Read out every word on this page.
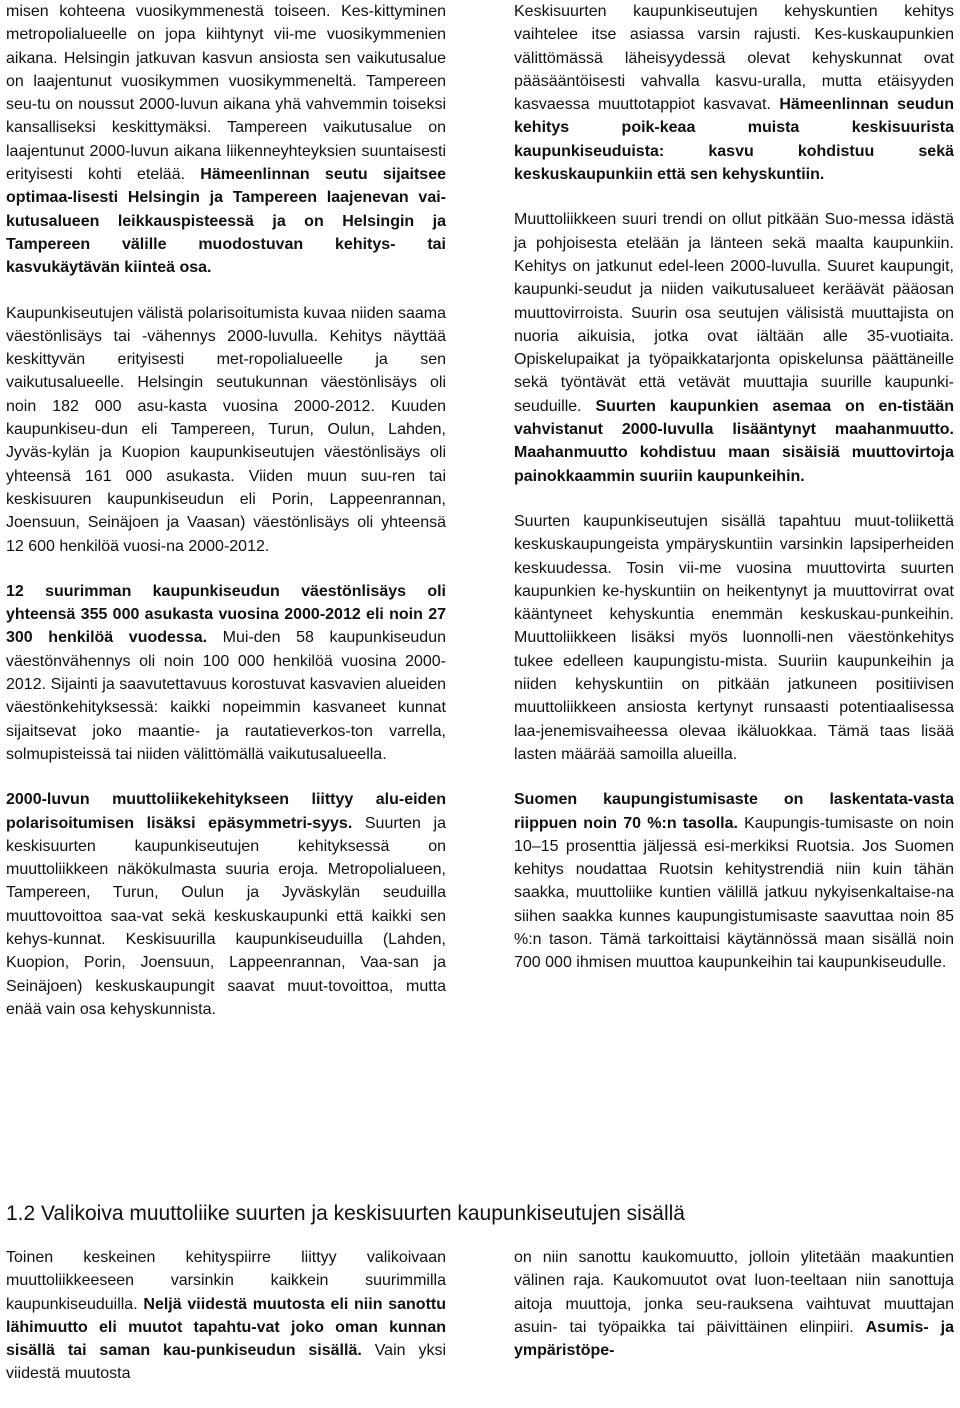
misen kohteena vuosikymmenestä toiseen. Kes-kittyminen metropolialueelle on jopa kiihtynyt vii-me vuosikymmenien aikana. Helsingin jatkuvan kasvun ansiosta sen vaikutusalue on laajentunut vuosikymmen vuosikymmeneltä. Tampereen seu-tu on noussut 2000-luvun aikana yhä vahvemmin toiseksi kansalliseksi keskittymäksi. Tampereen vaikutusalue on laajentunut 2000-luvun aikana liikenneyhteyksien suuntaisesti erityisesti kohti etelää. Hämeenlinnan seutu sijaitsee optimaa-lisesti Helsingin ja Tampereen laajenevan vai-kutusalueen leikkauspisteessä ja on Helsingin ja Tampereen välille muodostuvan kehitys- tai kasvukäytävän kiinteä osa.

Kaupunkiseutujen välistä polarisoitumista kuvaa niiden saama väestönlisäys tai -vähennys 2000-luvulla. Kehitys näyttää keskittyvän erityisesti met-ropolialueelle ja sen vaikutusalueelle. Helsingin seutukunnan väestönlisäys oli noin 182 000 asu-kasta vuosina 2000-2012. Kuuden kaupunkiseu-dun eli Tampereen, Turun, Oulun, Lahden, Jyväs-kylän ja Kuopion kaupunkiseutujen väestönlisäys oli yhteensä 161 000 asukasta. Viiden muun suu-ren tai keskisuuren kaupunkiseudun eli Porin, Lappeenrannan, Joensuun, Seinäjoen ja Vaasan) väestönlisäys oli yhteensä 12 600 henkilöä vuosi-na 2000-2012.

12 suurimman kaupunkiseudun väestönlisäys oli yhteensä 355 000 asukasta vuosina 2000-2012 eli noin 27 300 henkilöä vuodessa. Mui-den 58 kaupunkiseudun väestönvähennys oli noin 100 000 henkilöä vuosina 2000-2012. Sijainti ja saavutettavuus korostuvat kasvavien alueiden väestönkehityksessä: kaikki nopeimmin kasvaneet kunnat sijaitsevat joko maantie- ja rautatieverkos-ton varrella, solmupisteissä tai niiden välittömällä vaikutusalueella.

2000-luvun muuttoliikekehitykseen liittyy alu-eiden polarisoitumisen lisäksi epäsymmetri-syys. Suurten ja keskisuurten kaupunkiseutujen kehityksessä on muuttoliikkeen näkökulmasta suuria eroja. Metropolialueen, Tampereen, Turun, Oulun ja Jyväskylän seuduilla muuttovoittoa saa-vat sekä keskuskaupunki että kaikki sen kehys-kunnat. Keskisuurilla kaupunkiseuduilla (Lahden, Kuopion, Porin, Joensuun, Lappeenrannan, Vaa-san ja Seinäjoen) keskuskaupungit saavat muut-tovoittoa, mutta enää vain osa kehyskunnista.

Keskisuurten kaupunkiseutujen kehyskuntien kehitys vaihtelee itse asiassa varsin rajusti. Kes-kuskaupunkien välittömässä läheisyydessä olevat kehyskunnat ovat pääsääntöisesti vahvalla kasvu-uralla, mutta etäisyyden kasvaessa muuttotappiot kasvavat. Hämeenlinnan seudun kehitys poik-keaa muista keskisuurista kaupunkiseuduista: kasvu kohdistuu sekä keskuskaupunkiin että sen kehyskuntiin.

Muuttoliikkeen suuri trendi on ollut pitkään Suo-messa idästä ja pohjoisesta etelään ja länteen sekä maalta kaupunkiin. Kehitys on jatkunut edel-leen 2000-luvulla. Suuret kaupungit, kaupunki-seudut ja niiden vaikutusalueet keräävät pääosan muuttovirroista. Suurin osa seutujen välisistä muuttajista on nuoria aikuisia, jotka ovat iältään alle 35-vuotiaita. Opiskelupaikat ja työpaikkatarjonta opiskelunsa päättäneille sekä työntävät että vetävät muuttajia suurille kaupunki-seuduille. Suurten kaupunkien asemaa on en-tistään vahvistanut 2000-luvulla lisääntynyt maahanmuutto. Maahanmuutto kohdistuu maan sisäisiä muuttovirtoja painokkaammin suuriin kaupunkeihin.

Suurten kaupunkiseutujen sisällä tapahtuu muut-toliikettä keskuskaupungeista ympäryskuntiin varsinkin lapsiperheiden keskuudessa. Tosin vii-me vuosina muuttovirta suurten kaupunkien ke-hyskuntiin on heikentynyt ja muuttovirrat ovat kääntyneet kehyskuntia enemmän keskuskau-punkeihin. Muuttoliikkeen lisäksi myös luonnolli-nen väestönkehitys tukee edelleen kaupungistu-mista. Suuriin kaupunkeihin ja niiden kehyskuntiin on pitkään jatkuneen positiivisen muuttoliikkeen ansiosta kertynyt runsaasti potentiaalisessa laa-jenemisvaiheessa olevaa ikäluokkaa. Tämä taas lisää lasten määrää samoilla alueilla.

Suomen kaupungistumisaste on laskentata-vasta riippuen noin 70 %:n tasolla. Kaupungis-tumisaste on noin 10–15 prosenttia jäljessä esi-merkiksi Ruotsia. Jos Suomen kehitys noudattaa Ruotsin kehitystrendiä niin kuin tähän saakka, muuttoliike kuntien välillä jatkuu nykyisenkaltaise-na siihen saakka kunnes kaupungistumisaste saavuttaa noin 85 %:n tason. Tämä tarkoittaisi käytännössä maan sisällä noin 700 000 ihmisen muuttoa kaupunkeihin tai kaupunkiseudulle.

1.2 Valikoiva muuttoliike suurten ja keskisuurten kaupunkiseutujen sisällä

Toinen keskeinen kehityspiirre liittyy valikoivaan muuttoliikkeeseen varsinkin kaikkein suurimmilla kaupunkiseuduilla. Neljä viidestä muutosta eli niin sanottu lähimuutto eli muutot tapahtu-vat joko oman kunnan sisällä tai saman kau-punkiseudun sisällä. Vain yksi viidestä muutosta

on niin sanottu kaukomuutto, jolloin ylitetään maakuntien välinen raja. Kaukomuutot ovat luon-teeltaan niin sanottuja aitoja muuttoja, jonka seu-rauksena vaihtuvat muuttajan asuin- tai työpaikka tai päivittäinen elinpiiri. Asumis- ja ympäristöpe-
